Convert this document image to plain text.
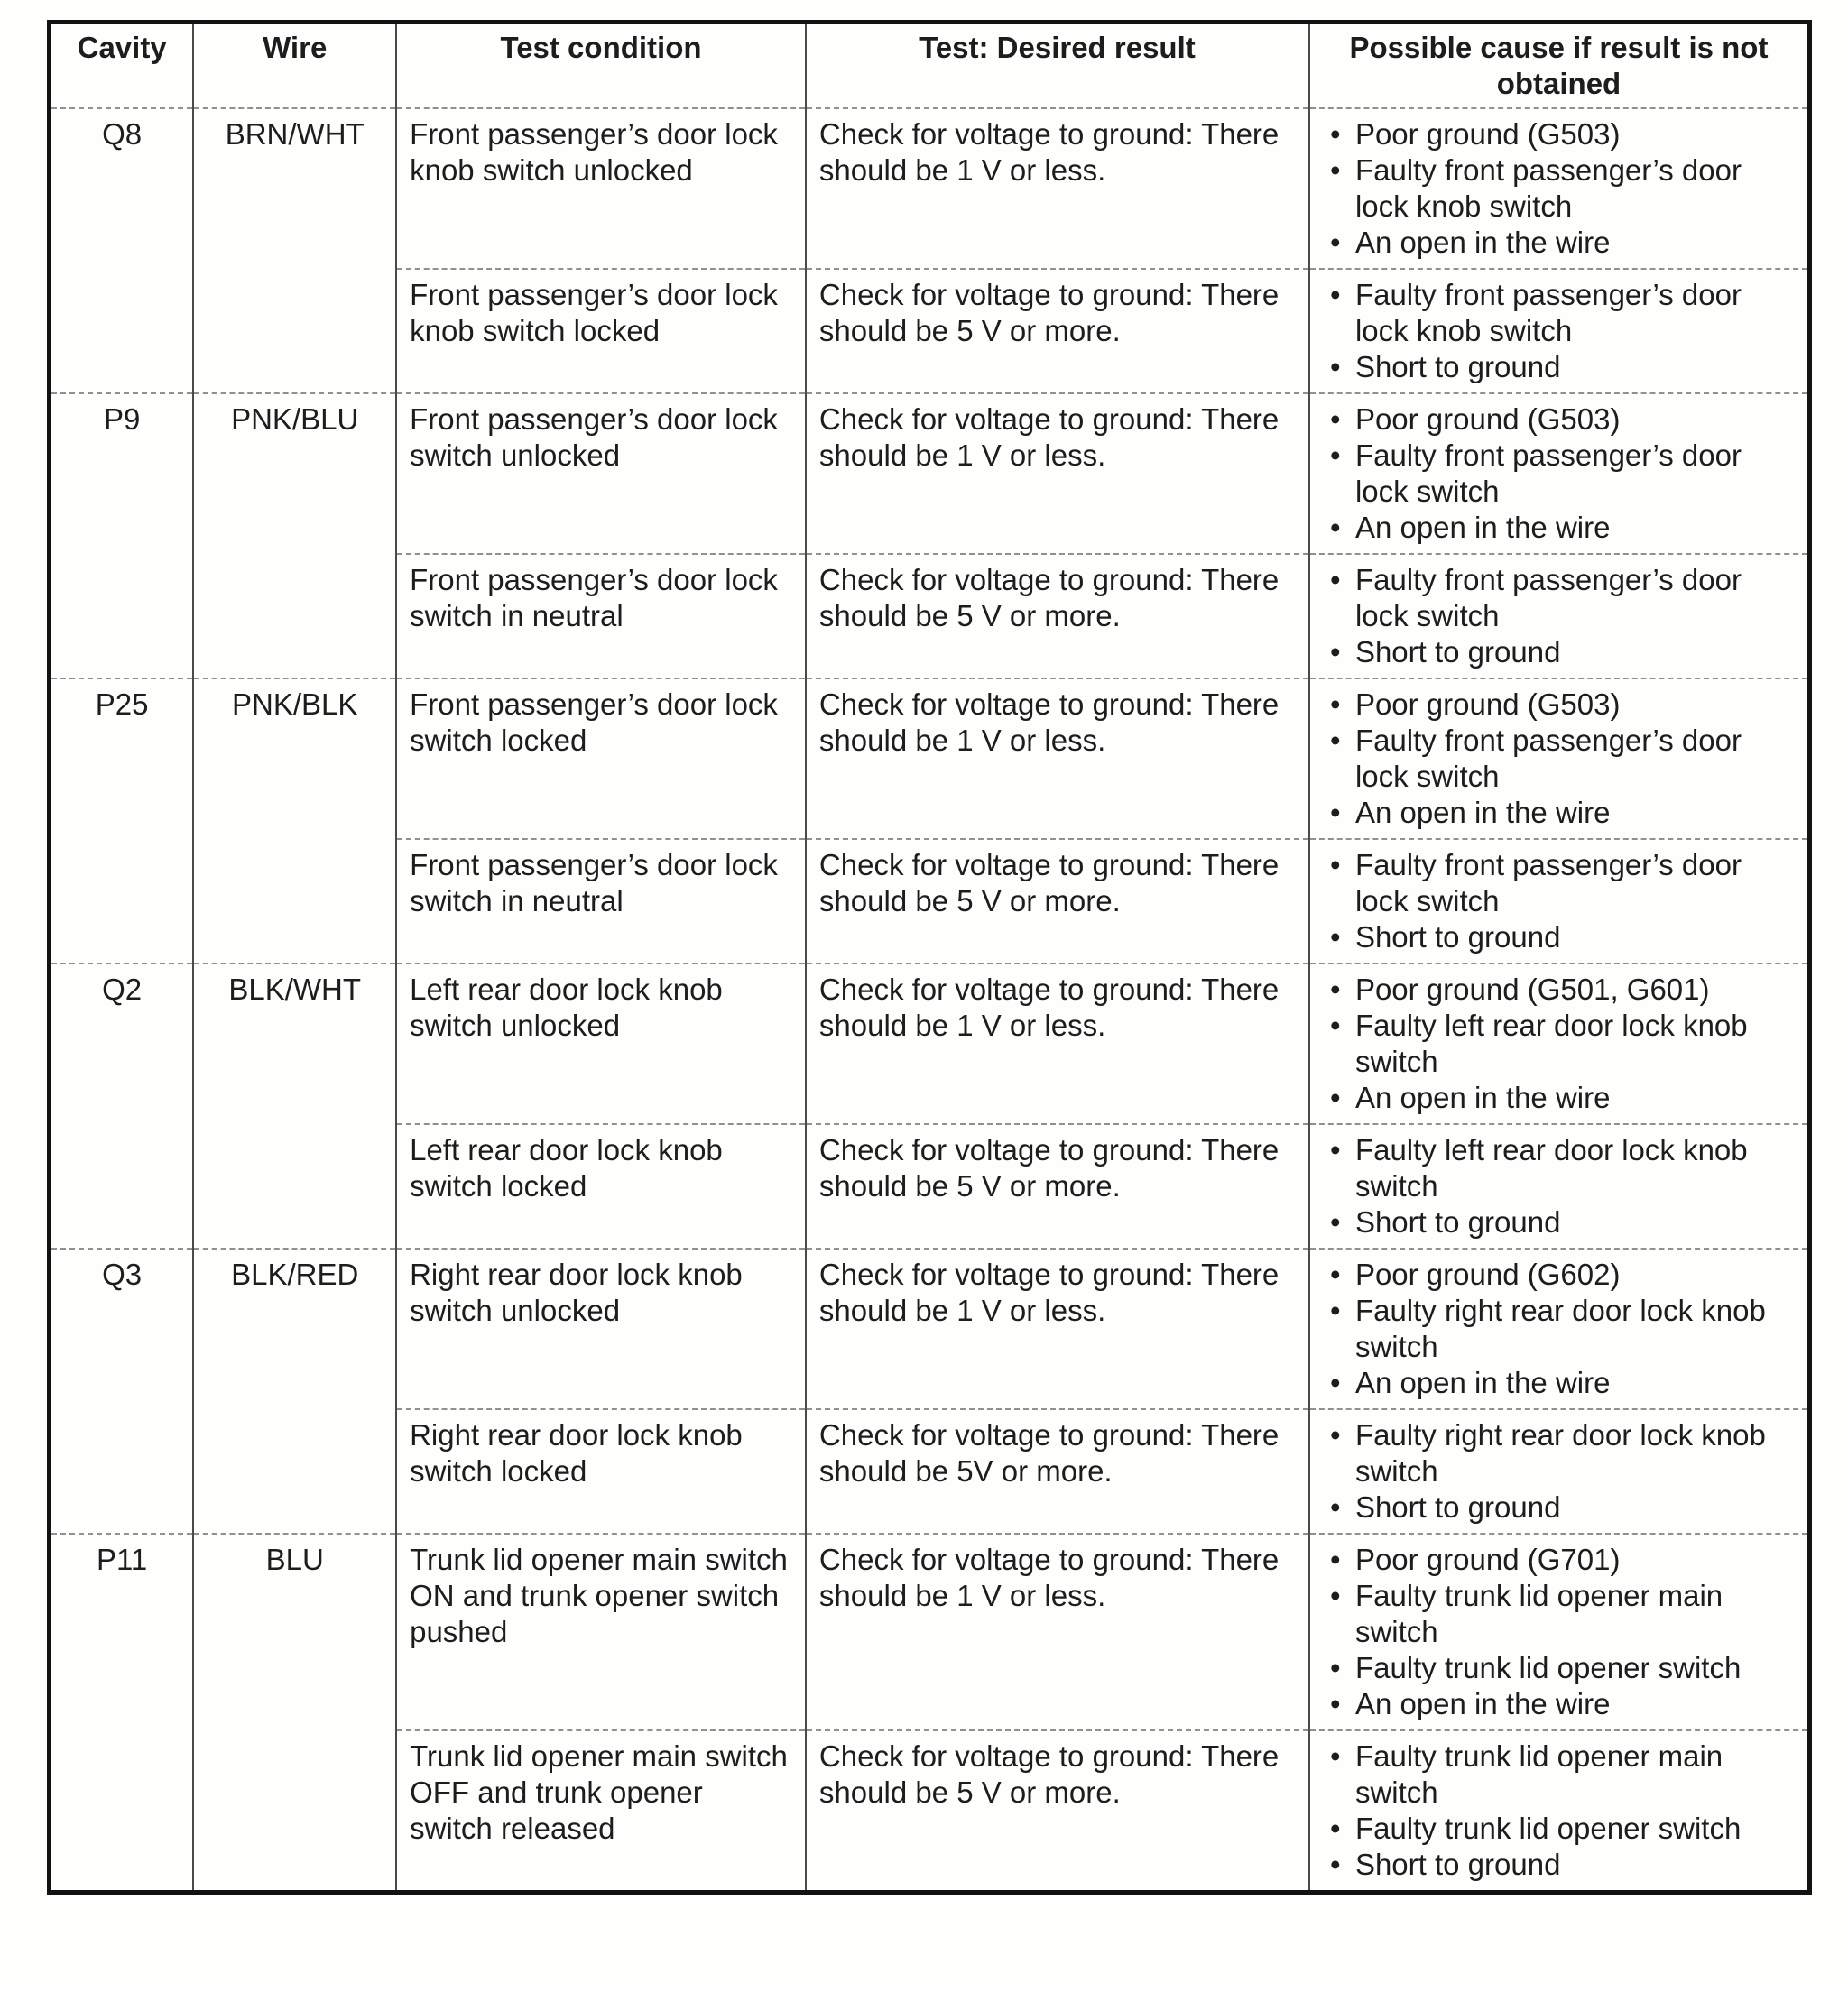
Cavity	Wire	Test condition	Test: Desired result	Possible cause if result is not obtained
Q8	BRN/WHT	Front passenger’s door lock knob switch unlocked	Check for voltage to ground: There should be 1 V or less.	
• Poor ground (G503)
• Faulty front passenger’s door lock knob switch
• An open in the wire

Front passenger’s door lock knob switch locked	Check for voltage to ground: There should be 5 V or more.	
• Faulty front passenger’s door lock knob switch
• Short to ground

P9	PNK/BLU	Front passenger’s door lock switch unlocked	Check for voltage to ground: There should be 1 V or less.	
• Poor ground (G503)
• Faulty front passenger’s door lock switch
• An open in the wire

Front passenger’s door lock switch in neutral	Check for voltage to ground: There should be 5 V or more.	
• Faulty front passenger’s door lock switch
• Short to ground

P25	PNK/BLK	Front passenger’s door lock switch locked	Check for voltage to ground: There should be 1 V or less.	
• Poor ground (G503)
• Faulty front passenger’s door lock switch
• An open in the wire

Front passenger’s door lock switch in neutral	Check for voltage to ground: There should be 5 V or more.	
• Faulty front passenger’s door lock switch
• Short to ground

Q2	BLK/WHT	Left rear door lock knob switch unlocked	Check for voltage to ground: There should be 1 V or less.	
• Poor ground (G501, G601)
• Faulty left rear door lock knob switch
• An open in the wire

Left rear door lock knob switch locked	Check for voltage to ground: There should be 5 V or more.	
• Faulty left rear door lock knob switch
• Short to ground

Q3	BLK/RED	Right rear door lock knob switch unlocked	Check for voltage to ground: There should be 1 V or less.	
• Poor ground (G602)
• Faulty right rear door lock knob switch
• An open in the wire

Right rear door lock knob switch locked	Check for voltage to ground: There should be 5V or more.	
• Faulty right rear door lock knob switch
• Short to ground

P11	BLU	Trunk lid opener main switch ON and trunk opener switch pushed	Check for voltage to ground: There should be 1 V or less.	
• Poor ground (G701)
• Faulty trunk lid opener main switch
• Faulty trunk lid opener switch
• An open in the wire

Trunk lid opener main switch OFF and trunk opener switch released	Check for voltage to ground: There should be 5 V or more.	
• Faulty trunk lid opener main switch
• Faulty trunk lid opener switch
• Short to ground
